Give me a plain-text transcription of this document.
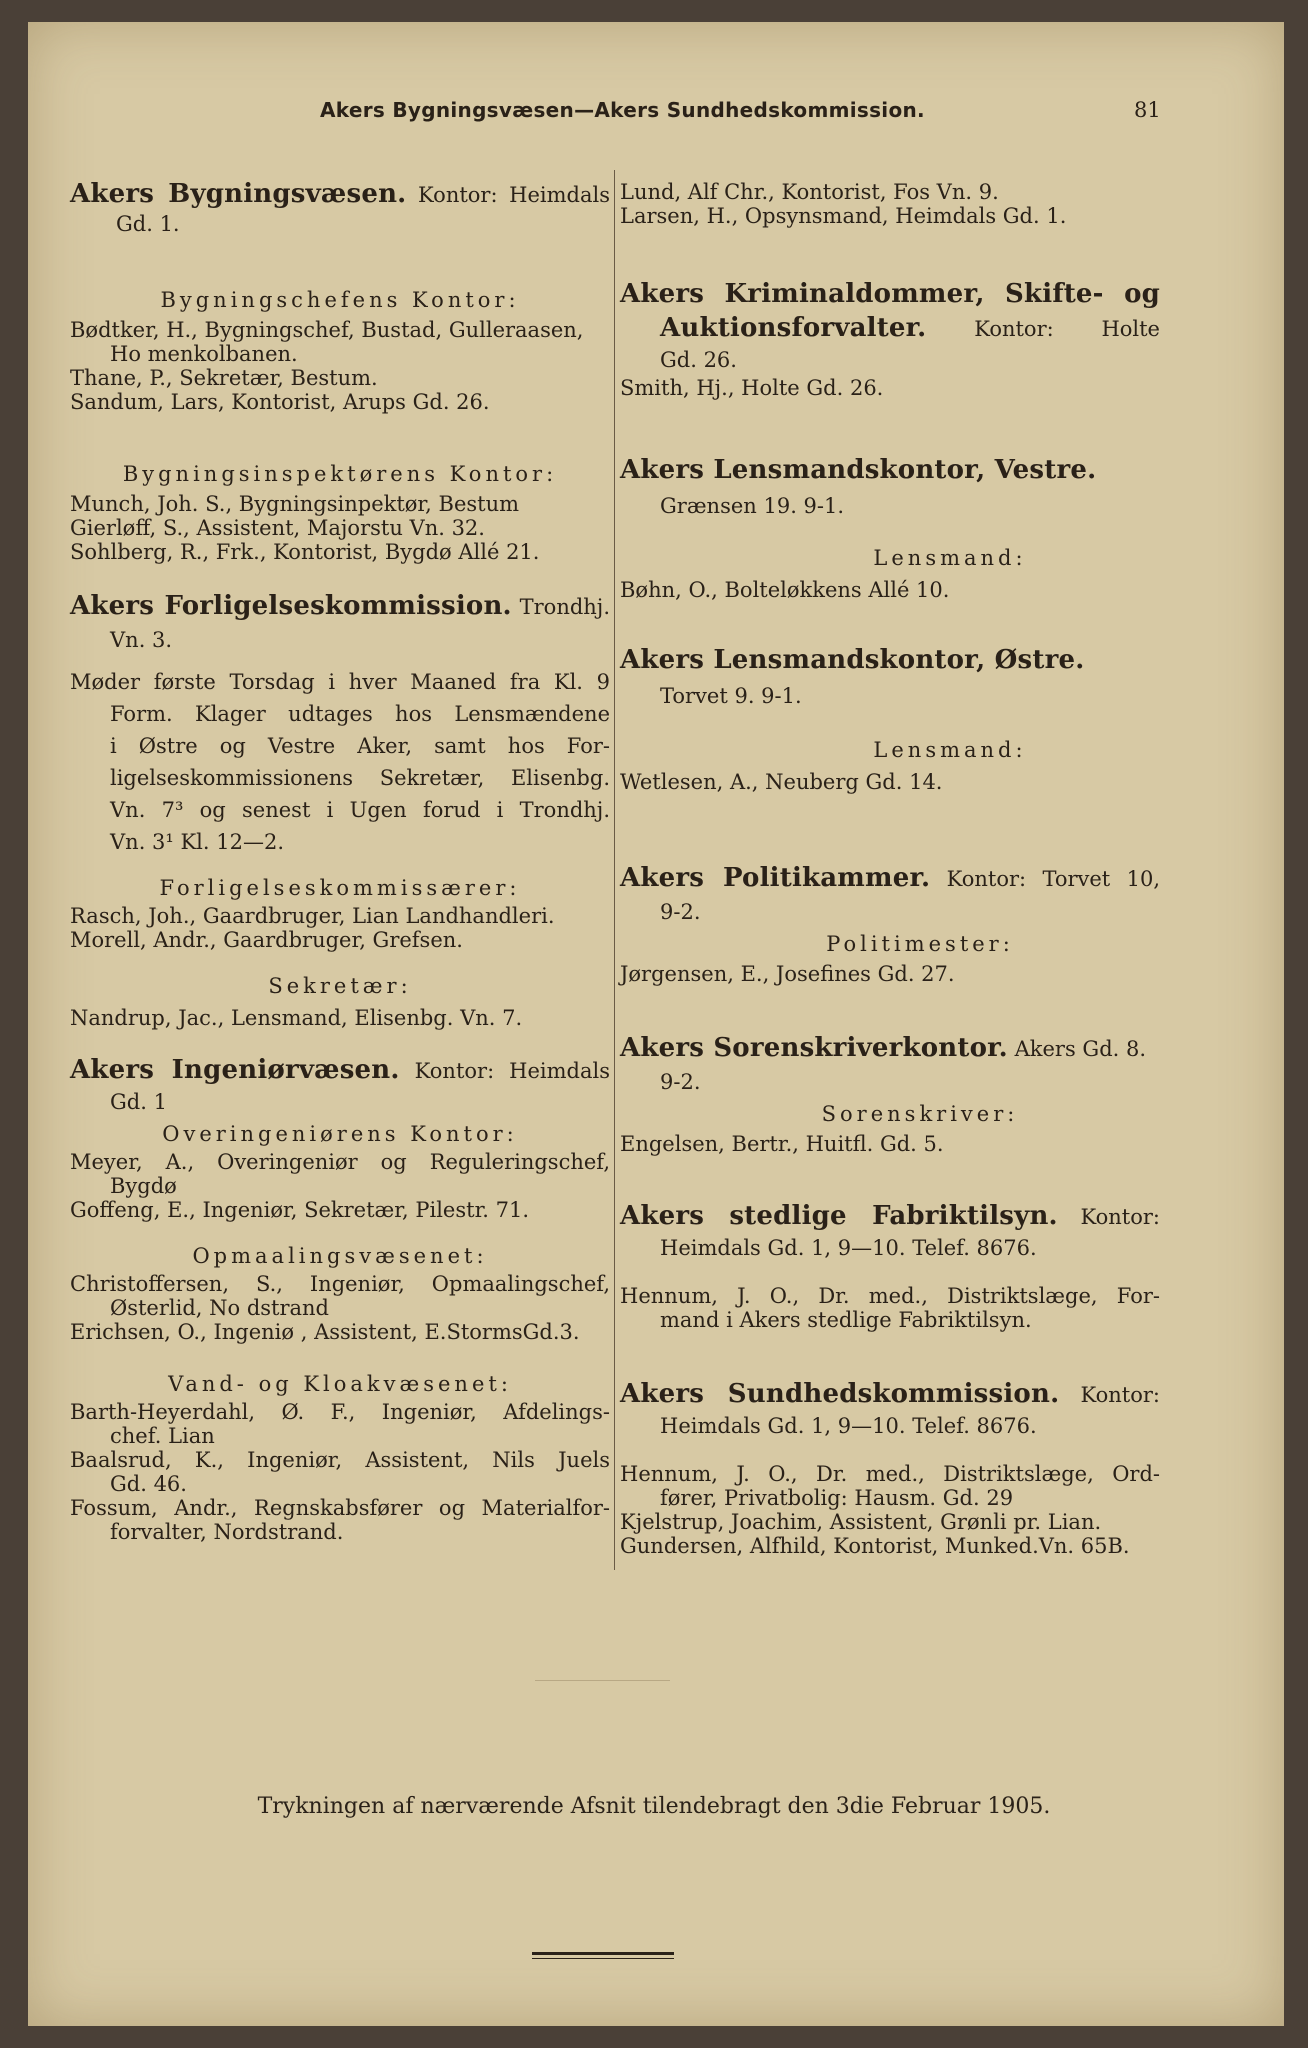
Akers Bygningsvæsen—Akers Sundhedskommission.	81
Akers Bygningsvæsen. Kontor: Heimdals
Gd. 1.
Bygningschefens Kontor:
Bødtker, H., Bygningschef, Bustad, Gulleraasen,
Ho menkolbanen.
Thane, P., Sekretær, Bestum.
Sandum, Lars, Kontorist, Arups Gd. 26.
Bygningsinspektørens Kontor:
Munch, Joh. S., Bygningsinpektør, Bestum
Gierløff, S., Assistent, Majorstu Vn. 32.
Sohlberg, R., Frk., Kontorist, Bygdø Allé 21.
Akers Forligelseskommission. Trondhj.
Vn. 3.
Møder første Torsdag i hver Maaned fra Kl. 9
Form. Klager udtages hos Lensmændene
i Østre og Vestre Aker, samt hos For-
ligelseskommissionens Sekretær, Elisenbg.
Vn. 7³ og senest i Ugen forud i Trondhj.
Vn. 3¹ Kl. 12—2.
Forligelseskommissærer:
Rasch, Joh., Gaardbruger, Lian Landhandleri.
Morell, Andr., Gaardbruger, Grefsen.
Sekretær:
Nandrup, Jac., Lensmand, Elisenbg. Vn. 7.
Akers Ingeniørvæsen. Kontor: Heimdals
Gd. 1
Overingeniørens Kontor:
Meyer, A., Overingeniør og Reguleringschef,
Bygdø
Goffeng, E., Ingeniør, Sekretær, Pilestr. 71.
Opmaalingsvæsenet:
Christoffersen, S., Ingeniør, Opmaalingschef,
Østerlid, No dstrand
Erichsen, O., Ingeniø , Assistent, E.StormsGd.3.
Vand- og Kloakvæsenet:
Barth-Heyerdahl, Ø. F., Ingeniør, Afdelings-
chef. Lian
Baalsrud, K., Ingeniør, Assistent, Nils Juels
Gd. 46.
Fossum, Andr., Regnskabsfører og Materialfor-
forvalter, Nordstrand.
Lund, Alf Chr., Kontorist, Fos Vn. 9.
Larsen, H., Opsynsmand, Heimdals Gd. 1.
Akers Kriminaldommer, Skifte- og
Auktionsforvalter. Kontor: Holte
Gd. 26.
Smith, Hj., Holte Gd. 26.
Akers Lensmandskontor, Vestre.
Grænsen 19. 9-1.
Lensmand:
Bøhn, O., Bolteløkkens Allé 10.
Akers Lensmandskontor, Østre.
Torvet 9. 9-1.
Lensmand:
Wetlesen, A., Neuberg Gd. 14.
Akers Politikammer. Kontor: Torvet 10,
9-2.
Politimester:
Jørgensen, E., Josefines Gd. 27.
Akers Sorenskriverkontor. Akers Gd. 8.
9-2.
Sorenskriver:
Engelsen, Bertr., Huitfl. Gd. 5.
Akers stedlige Fabriktilsyn. Kontor:
Heimdals Gd. 1, 9—10. Telef. 8676.
Hennum, J. O., Dr. med., Distriktslæge, For-
mand i Akers stedlige Fabriktilsyn.
Akers Sundhedskommission. Kontor:
Heimdals Gd. 1, 9—10. Telef. 8676.
Hennum, J. O., Dr. med., Distriktslæge, Ord-
fører, Privatbolig: Hausm. Gd. 29
Kjelstrup, Joachim, Assistent, Grønli pr. Lian.
Gundersen, Alfhild, Kontorist, Munked.Vn. 65B.
Trykningen af nærværende Afsnit tilendebragt den 3die Februar 1905.
